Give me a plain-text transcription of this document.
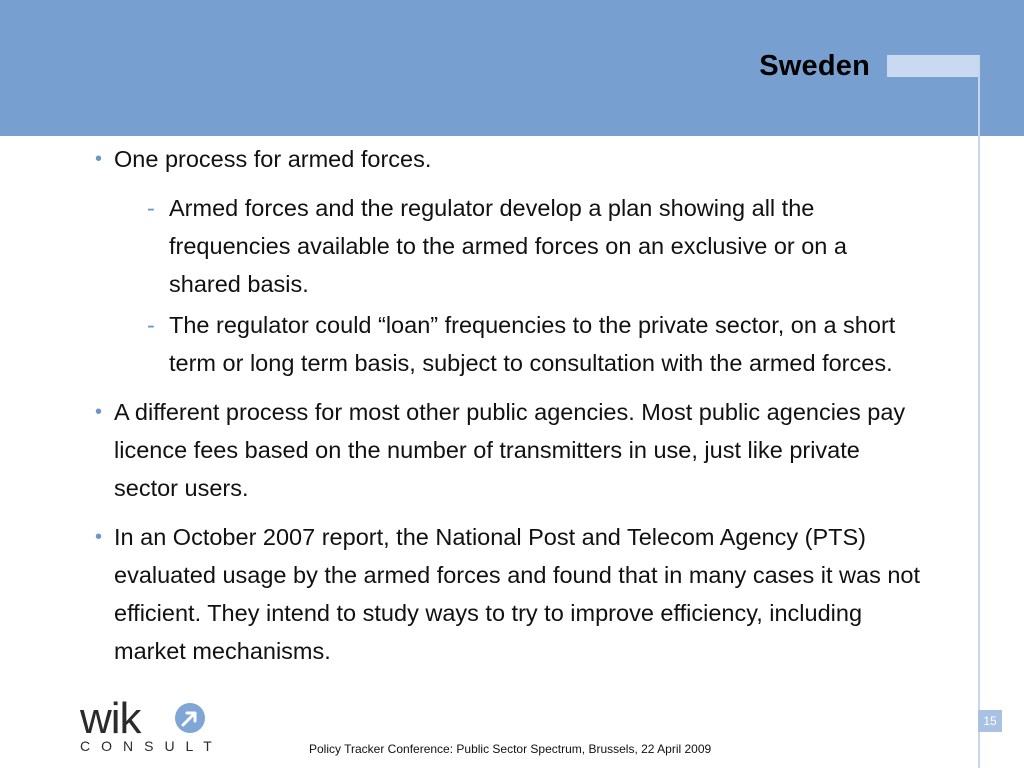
Sweden
• One process for armed forces.
- Armed forces and the regulator develop a plan showing all the frequencies available to the armed forces on an exclusive or on a shared basis.
- The regulator could “loan” frequencies to the private sector, on a short term or long term basis, subject to consultation with the armed forces.
• A different process for most other public agencies. Most public agencies pay licence fees based on the number of transmitters in use, just like private sector users.
• In an October 2007 report, the National Post and Telecom Agency (PTS) evaluated usage by the armed forces and found that in many cases it was not efficient. They intend to study ways to try to improve efficiency, including market mechanisms.
wik
CONSULT	Policy Tracker Conference: Public Sector Spectrum, Brussels, 22 April 2009
15
